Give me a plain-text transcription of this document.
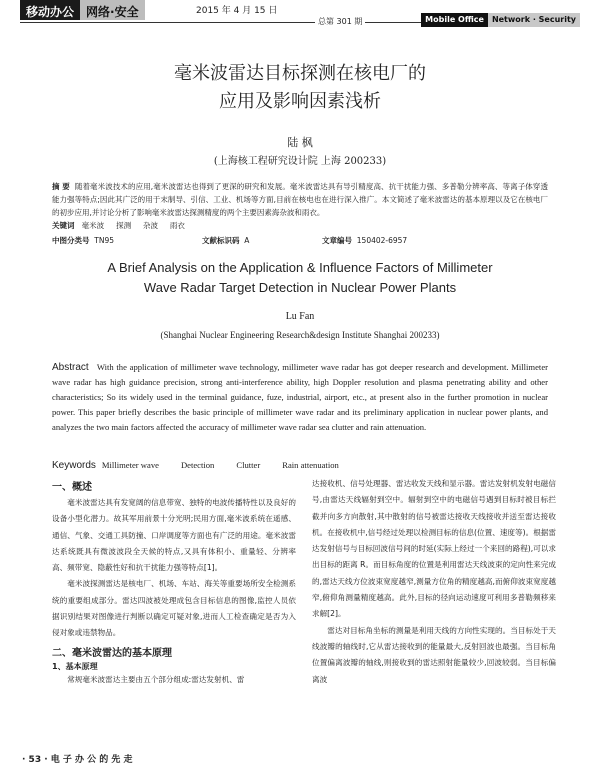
移动办公	网络·安全	2015 年 4 月 15 日
总第 301 期	Mobile Office	Network · Security
毫米波雷达目标探测在核电厂的
应用及影响因素浅析
陆 枫
(上海核工程研究设计院 上海 200233)
摘 要 随着毫米波技术的应用,毫米波雷达也得到了更深的研究和发展。毫米波雷达具有导引精度高、抗干扰能力强、多普勒分辨率高、等离子体穿透能力强等特点;因此其广泛的用于末制导、引信、工业、机场等方面,目前在核电也在进行深入推广。本文简述了毫米波雷达的基本原理以及它在核电厂的初步应用,并讨论分析了影响毫米波雷达探测精度的两个主要因素海杂波和雨衣。
关键词 毫米波 探测 杂波 雨衣
中图分类号 TN95	文献标识码 A	文章编号 150402-6957
A Brief Analysis on the Application & Influence Factors of Millimeter
Wave Radar Target Detection in Nuclear Power Plants
Lu Fan
(Shanghai Nuclear Engineering Research&design Institute Shanghai 200233)
Abstract With the application of millimeter wave technology, millimeter wave radar has got deeper research and development. Millimeter wave radar has high guidance precision, strong anti-interference ability, high Doppler resolution and plasma penetrating ability and other characteristics; So its widely used in the terminal guidance, fuze, industrial, airport, etc., at present also in the further promotion in nuclear power. This paper briefly describes the basic principle of millimeter wave radar and its preliminary application in nuclear power plants, and analyzes the two main factors affected the accuracy of millimeter wave radar sea clutter and rain attenuation.
Keywords Millimeter wave	Detection	Clutter	Rain attenuation
一、概述

毫米波雷达具有发宽阔的信息带宽、独特的电波传播特性以及良好的设备小型化潜力。故其军用前景十分光明;民用方面,毫米波系统在遥感、通信、气象、交通工具防撞、口岸调度等方面也有广泛的用途。毫米波雷达系统既具有微波波段全天候的特点,又具有体积小、重量轻、分辨率高、频带宽、隐蔽性好和抗干扰能力强等特点[1]。

毫米波探测雷达是核电厂、机场、车站、海关等重要场所安全检测系统的重要组成部分。雷达四波被处理成包含目标信息的图像,监控人员依据识别结果对图像进行判断以确定可疑对象,进而人工检查确定是否为入侵对象或违禁物品。

二、毫米波雷达的基本原理
1、基本原理

常规毫米波雷达主要由五个部分组成:雷达发射机、雷

达接收机、信号处理器、雷达收发天线和显示器。雷达发射机发射电磁信号,由雷达天线辐射到空中。辐射到空中的电磁信号遇到目标时被目标拦截并向多方向散射,其中散射的信号被雷达接收天线接收并送至雷达接收机。在接收机中,信号经过处理以检测目标的信息(位置、速度等)。根据雷达发射信号与目标回波信号间的时延(实际上经过一个来回的路程),可以求出目标的距离 R。而目标角度的位置是利用雷达天线波束的定向性来完成的,雷达天线方位波束宽度越窄,测量方位角的精度越高,而俯仰波束宽度越窄,俯仰角测量精度越高。此外,目标的径向运动速度可利用多普勒频移来求解[2]。

雷达对目标角坐标的测量是利用天线的方向性实现的。当目标处于天线波瓣的轴线时,它从雷达接收到的能量最大,反射回波也最强。当目标角位置偏离波瓣的轴线,则接收到的雷达照射能量较少,回波较弱。当目标偏离波

· 53 · 电 子 办 公 的 先 走
